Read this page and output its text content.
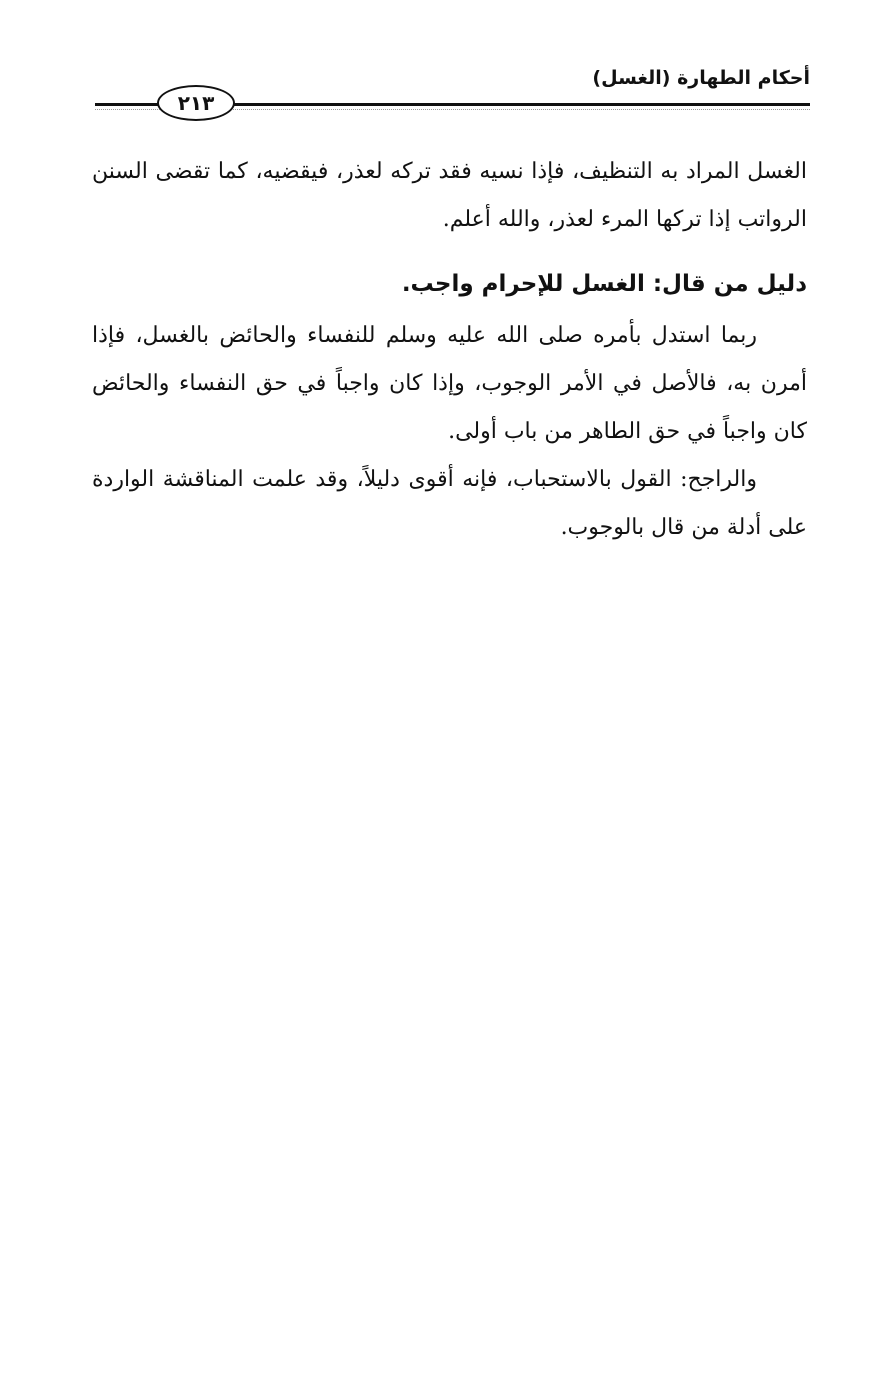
أحكام الطهارة (الغسل)
٢١٣

الغسل المراد به التنظيف، فإذا نسيه فقد تركه لعذر، فيقضيه، كما تقضى السنن الرواتب إذا تركها المرء لعذر، والله أعلم.

دليل من قال: الغسل للإحرام واجب.

ربما استدل بأمره صلى الله عليه وسلم للنفساء والحائض بالغسل، فإذا أمرن به، فالأصل في الأمر الوجوب، وإذا كان واجباً في حق النفساء والحائض كان واجباً في حق الطاهر من باب أولى.

والراجح: القول بالاستحباب، فإنه أقوى دليلاً، وقد علمت المناقشة الواردة على أدلة من قال بالوجوب.
